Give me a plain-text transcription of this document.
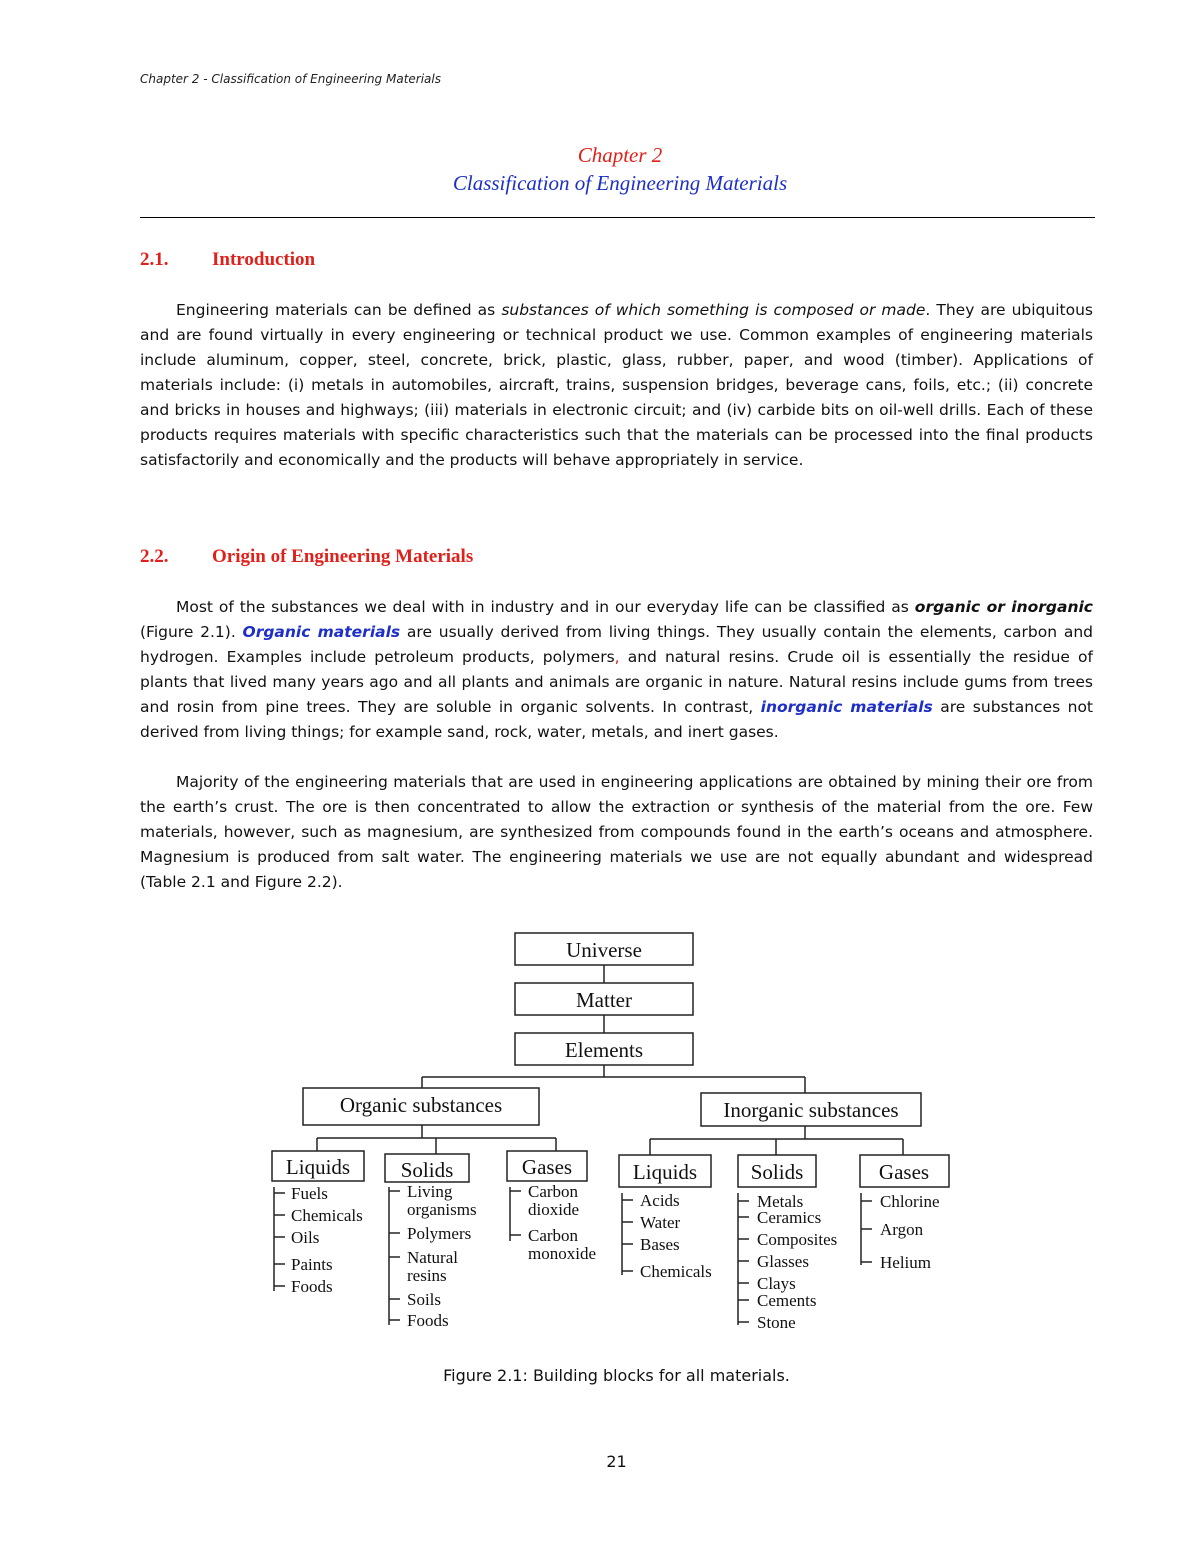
Chapter 2 - Classification of Engineering Materials
Chapter 2
Classification of Engineering Materials
2.1. Introduction

Engineering materials can be defined as substances of which something is composed or made. They are ubiquitous and are found virtually in every engineering or technical product we use. Common examples of engineering materials include aluminum, copper, steel, concrete, brick, plastic, glass, rubber, paper, and wood (timber). Applications of materials include: (i) metals in automobiles, aircraft, trains, suspension bridges, beverage cans, foils, etc.; (ii) concrete and bricks in houses and highways; (iii) materials in electronic circuit; and (iv) carbide bits on oil-well drills. Each of these products requires materials with specific characteristics such that the materials can be processed into the final products satisfactorily and economically and the products will behave appropriately in service.

2.2. Origin of Engineering Materials

Most of the substances we deal with in industry and in our everyday life can be classified as organic or inorganic (Figure 2.1). Organic materials are usually derived from living things. They usually contain the elements, carbon and hydrogen. Examples include petroleum products, polymers, and natural resins. Crude oil is essentially the residue of plants that lived many years ago and all plants and animals are organic in nature. Natural resins include gums from trees and rosin from pine trees. They are soluble in organic solvents. In contrast, inorganic materials are substances not derived from living things; for example sand, rock, water, metals, and inert gases.

Majority of the engineering materials that are used in engineering applications are obtained by mining their ore from the earth’s crust. The ore is then concentrated to allow the extraction or synthesis of the material from the ore. Few materials, however, such as magnesium, are synthesized from compounds found in the earth’s oceans and atmosphere. Magnesium is produced from salt water. The engineering materials we use are not equally abundant and widespread (Table 2.1 and Figure 2.2).

Universe
Matter
Elements
Organic substances	Inorganic substances
Liquids Solids	Gases	Liquids	Solids	Gases
Fuels
Chemicals
Oils
Paints
Foods
Living
organisms
Polymers
Natural
resins
Soils
Foods
Carbon
dioxide
Carbon
monoxide
Acids
Water
Bases
Chemicals
Metals
Ceramics
Composites
Glasses
Clays
Cements
Stone
Chlorine
Argon
Helium
Figure 2.1: Building blocks for all materials.
21
